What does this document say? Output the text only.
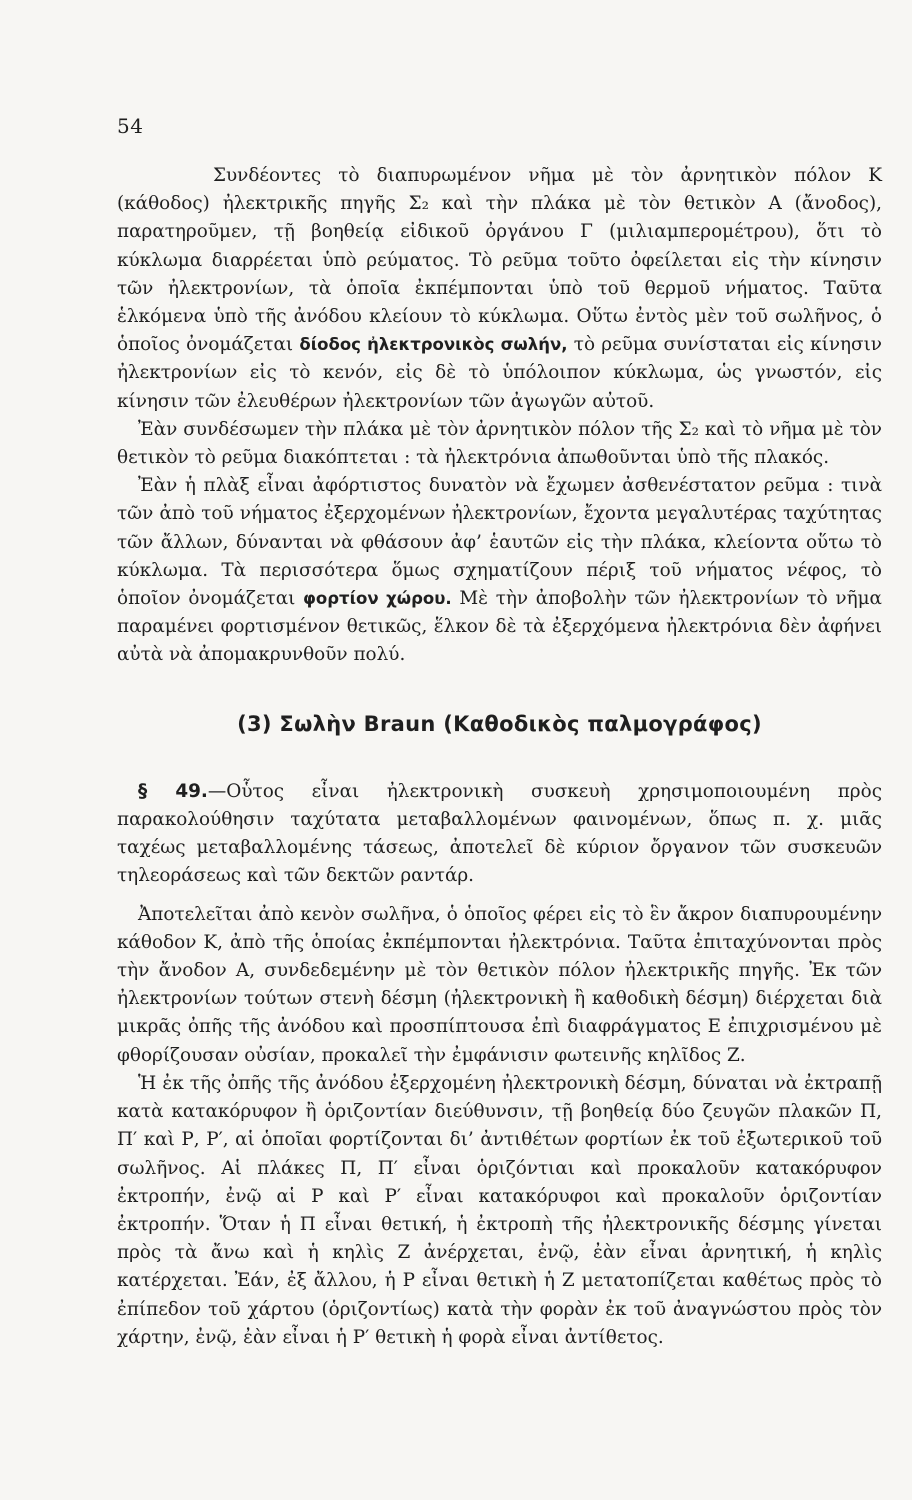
54

Συνδέοντες τὸ διαπυρωμένον νῆμα μὲ τὸν ἀρνητικὸν πόλον Κ (κάθοδος) ἠλεκτρικῆς πηγῆς Σ₂ καὶ τὴν πλάκα μὲ τὸν θετικὸν Α (ἄνοδος), παρατηροῦμεν, τῇ βοηθείᾳ εἰδικοῦ ὀργάνου Γ (μιλιαμπερομέτρου), ὅτι τὸ κύκλωμα διαρρέεται ὑπὸ ρεύματος. Τὸ ρεῦμα τοῦτο ὀφείλεται εἰς τὴν κίνησιν τῶν ἠλεκτρονίων, τὰ ὁποῖα ἐκπέμπονται ὑπὸ τοῦ θερμοῦ νήματος. Ταῦτα ἑλκόμενα ὑπὸ τῆς ἀνόδου κλείουν τὸ κύκλωμα. Οὕτω ἐντὸς μὲν τοῦ σωλῆνος, ὁ ὁποῖος ὀνομάζεται δίοδος ἠλεκτρονικὸς σωλήν, τὸ ρεῦμα συνίσταται εἰς κίνησιν ἠλεκτρονίων εἰς τὸ κενόν, εἰς δὲ τὸ ὑπόλοιπον κύκλωμα, ὡς γνωστόν, εἰς κίνησιν τῶν ἐλευθέρων ἠλεκτρονίων τῶν ἀγωγῶν αὐτοῦ.

Ἐὰν συνδέσωμεν τὴν πλάκα μὲ τὸν ἀρνητικὸν πόλον τῆς Σ₂ καὶ τὸ νῆμα μὲ τὸν θετικὸν τὸ ρεῦμα διακόπτεται : τὰ ἠλεκτρόνια ἀπωθοῦνται ὑπὸ τῆς πλακός.

Ἐὰν ἡ πλὰξ εἶναι ἀφόρτιστος δυνατὸν νὰ ἔχωμεν ἀσθενέστατον ρεῦμα : τινὰ τῶν ἀπὸ τοῦ νήματος ἐξερχομένων ἠλεκτρονίων, ἔχοντα μεγαλυτέρας ταχύτητας τῶν ἄλλων, δύνανται νὰ φθάσουν ἀφ’ ἑαυτῶν εἰς τὴν πλάκα, κλείοντα οὕτω τὸ κύκλωμα. Τὰ περισσότερα ὅμως σχηματίζουν πέριξ τοῦ νήματος νέφος, τὸ ὁποῖον ὀνομάζεται φορτίον χώρου. Μὲ τὴν ἀποβολὴν τῶν ἠλεκτρονίων τὸ νῆμα παραμένει φορτισμένον θετικῶς, ἕλκον δὲ τὰ ἐξερχόμενα ἠλεκτρόνια δὲν ἀφήνει αὐτὰ νὰ ἀπομακρυνθοῦν πολύ.

(3) Σωλὴν Braun (Καθοδικὸς παλμογράφος)

§ 49.—Οὗτος εἶναι ἠλεκτρονικὴ συσκευὴ χρησιμοποιουμένη πρὸς παρακολούθησιν ταχύτατα μεταβαλλομένων φαινομένων, ὅπως π. χ. μιᾶς ταχέως μεταβαλλομένης τάσεως, ἀποτελεῖ δὲ κύριον ὄργανον τῶν συσκευῶν τηλεοράσεως καὶ τῶν δεκτῶν ραντάρ.

Ἀποτελεῖται ἀπὸ κενὸν σωλῆνα, ὁ ὁποῖος φέρει εἰς τὸ ἓν ἄκρον διαπυρουμένην κάθοδον Κ, ἀπὸ τῆς ὁποίας ἐκπέμπονται ἠλεκτρόνια. Ταῦτα ἐπιταχύνονται πρὸς τὴν ἄνοδον Α, συνδεδεμένην μὲ τὸν θετικὸν πόλον ἠλεκτρικῆς πηγῆς. Ἐκ τῶν ἠλεκτρονίων τούτων στενὴ δέσμη (ἠλεκτρονικὴ ἢ καθοδικὴ δέσμη) διέρχεται διὰ μικρᾶς ὀπῆς τῆς ἀνόδου καὶ προσπίπτουσα ἐπὶ διαφράγματος Ε ἐπιχρισμένου μὲ φθορίζουσαν οὐσίαν, προκαλεῖ τὴν ἐμφάνισιν φωτεινῆς κηλῖδος Ζ.

Ἡ ἐκ τῆς ὀπῆς τῆς ἀνόδου ἐξερχομένη ἠλεκτρονικὴ δέσμη, δύναται νὰ ἐκτραπῇ κατὰ κατακόρυφον ἢ ὁριζοντίαν διεύθυνσιν, τῇ βοηθείᾳ δύο ζευγῶν πλακῶν Π, Π′ καὶ Ρ, Ρ′, αἱ ὁποῖαι φορτίζονται δι’ ἀντιθέτων φορτίων ἐκ τοῦ ἐξωτερικοῦ τοῦ σωλῆνος. Αἱ πλάκες Π, Π′ εἶναι ὁριζόντιαι καὶ προκαλοῦν κατακόρυφον ἐκτροπήν, ἐνῷ αἱ Ρ καὶ Ρ′ εἶναι κατακόρυφοι καὶ προκαλοῦν ὁριζοντίαν ἐκτροπήν. Ὅταν ἡ Π εἶναι θετική, ἡ ἐκτροπὴ τῆς ἠλεκτρονικῆς δέσμης γίνεται πρὸς τὰ ἄνω καὶ ἡ κηλὶς Ζ ἀνέρχεται, ἐνῷ, ἐὰν εἶναι ἀρνητική, ἡ κηλὶς κατέρχεται. Ἐάν, ἐξ ἄλλου, ἡ Ρ εἶναι θετικὴ ἡ Ζ μετατοπίζεται καθέτως πρὸς τὸ ἐπίπεδον τοῦ χάρτου (ὁριζοντίως) κατὰ τὴν φορὰν ἐκ τοῦ ἀναγνώστου πρὸς τὸν χάρτην, ἐνῷ, ἐὰν εἶναι ἡ Ρ′ θετικὴ ἡ φορὰ εἶναι ἀντίθετος.
